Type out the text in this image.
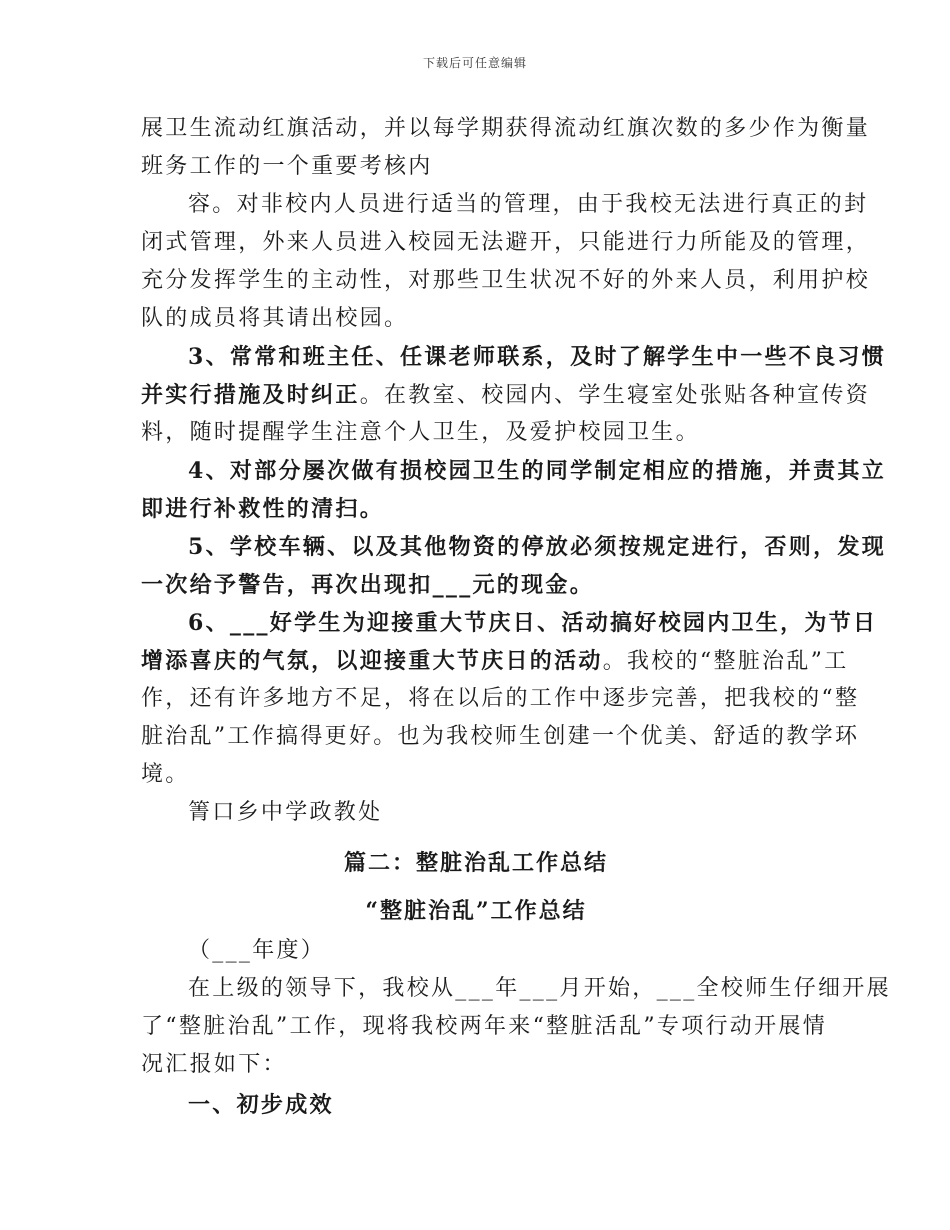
下载后可任意编辑
展卫生流动红旗活动，并以每学期获得流动红旗次数的多少作为衡量
班务工作的一个重要考核内
容。对非校内人员进行适当的管理，由于我校无法进行真正的封
闭式管理，外来人员进入校园无法避开，只能进行力所能及的管理，
充分发挥学生的主动性，对那些卫生状况不好的外来人员，利用护校
队的成员将其请出校园。
3、常常和班主任、任课老师联系，及时了解学生中一些不良习惯
并实行措施及时纠正。在教室、校园内、学生寝室处张贴各种宣传资
料，随时提醒学生注意个人卫生，及爱护校园卫生。
4、对部分屡次做有损校园卫生的同学制定相应的措施，并责其立
即进行补救性的清扫。
5、学校车辆、以及其他物资的停放必须按规定进行，否则，发现
一次给予警告，再次出现扣___元的现金。
6、___好学生为迎接重大节庆日、活动搞好校园内卫生，为节日
增添喜庆的气氛，以迎接重大节庆日的活动。我校的“整脏治乱”工
作，还有许多地方不足，将在以后的工作中逐步完善，把我校的“整
脏治乱”工作搞得更好。也为我校师生创建一个优美、舒适的教学环
境。
箐口乡中学政教处
篇二：整脏治乱工作总结
“整脏治乱”工作总结
（___年度）
在上级的领导下，我校从___年___月开始，___全校师生仔细开展
了“整脏治乱”工作，现将我校两年来“整脏活乱”专项行动开展情
况汇报如下：
一、初步成效
